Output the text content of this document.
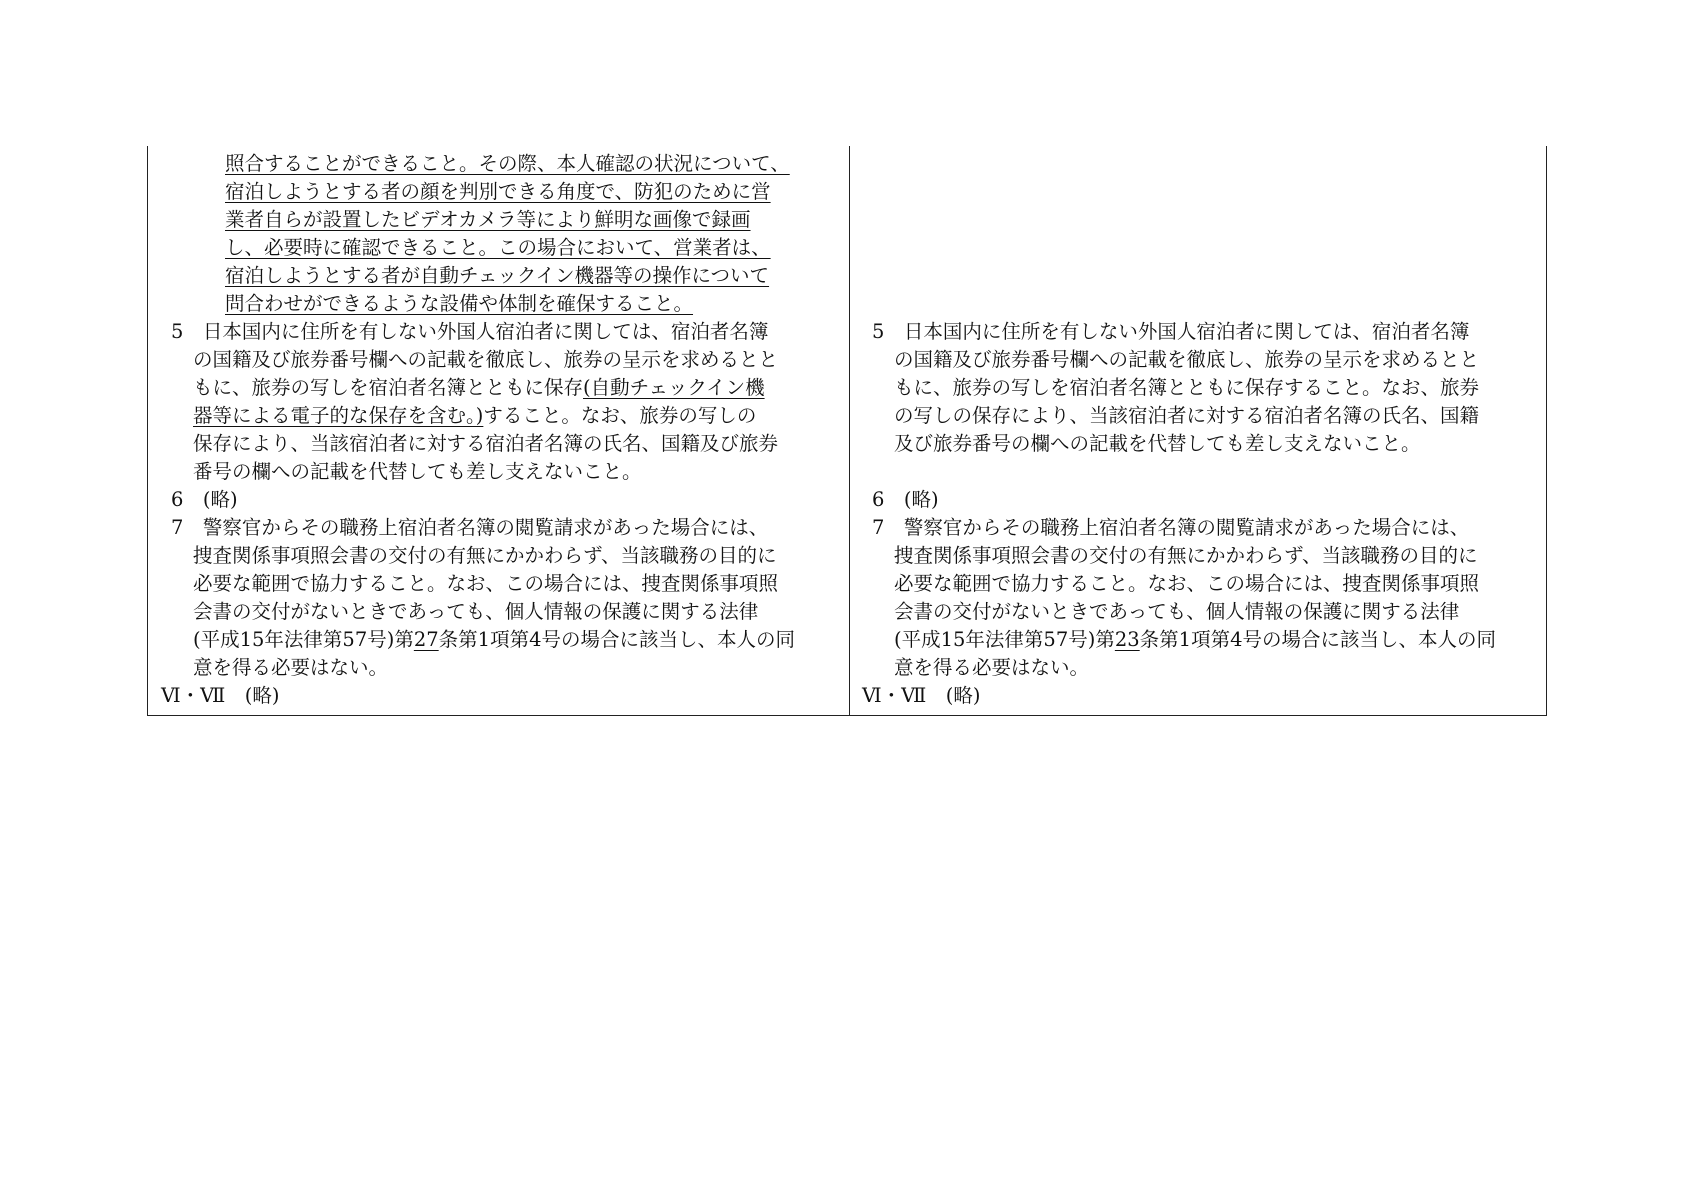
照合することができること。その際、本人確認の状況について、
宿泊しようとする者の顔を判別できる角度で、防犯のために営
業者自らが設置したビデオカメラ等により鮮明な画像で録画
し、必要時に確認できること。この場合において、営業者は、
宿泊しようとする者が自動チェックイン機器等の操作について
問合わせができるような設備や体制を確保すること。
5　日本国内に住所を有しない外国人宿泊者に関しては、宿泊者名簿
の国籍及び旅券番号欄への記載を徹底し、旅券の呈示を求めるとと
もに、旅券の写しを宿泊者名簿とともに保存(自動チェックイン機
器等による電子的な保存を含む。)すること。なお、旅券の写しの
保存により、当該宿泊者に対する宿泊者名簿の氏名、国籍及び旅券
番号の欄への記載を代替しても差し支えないこと。
6　(略)
7　警察官からその職務上宿泊者名簿の閲覧請求があった場合には、
捜査関係事項照会書の交付の有無にかかわらず、当該職務の目的に
必要な範囲で協力すること。なお、この場合には、捜査関係事項照
会書の交付がないときであっても、個人情報の保護に関する法律
(平成15年法律第57号)第27条第1項第4号の場合に該当し、本人の同
意を得る必要はない。
Ⅵ・Ⅶ　(略)
5　日本国内に住所を有しない外国人宿泊者に関しては、宿泊者名簿
の国籍及び旅券番号欄への記載を徹底し、旅券の呈示を求めるとと
もに、旅券の写しを宿泊者名簿とともに保存すること。なお、旅券
の写しの保存により、当該宿泊者に対する宿泊者名簿の氏名、国籍
及び旅券番号の欄への記載を代替しても差し支えないこと。
6　(略)
7　警察官からその職務上宿泊者名簿の閲覧請求があった場合には、
捜査関係事項照会書の交付の有無にかかわらず、当該職務の目的に
必要な範囲で協力すること。なお、この場合には、捜査関係事項照
会書の交付がないときであっても、個人情報の保護に関する法律
(平成15年法律第57号)第23条第1項第4号の場合に該当し、本人の同
意を得る必要はない。
Ⅵ・Ⅶ　(略)
